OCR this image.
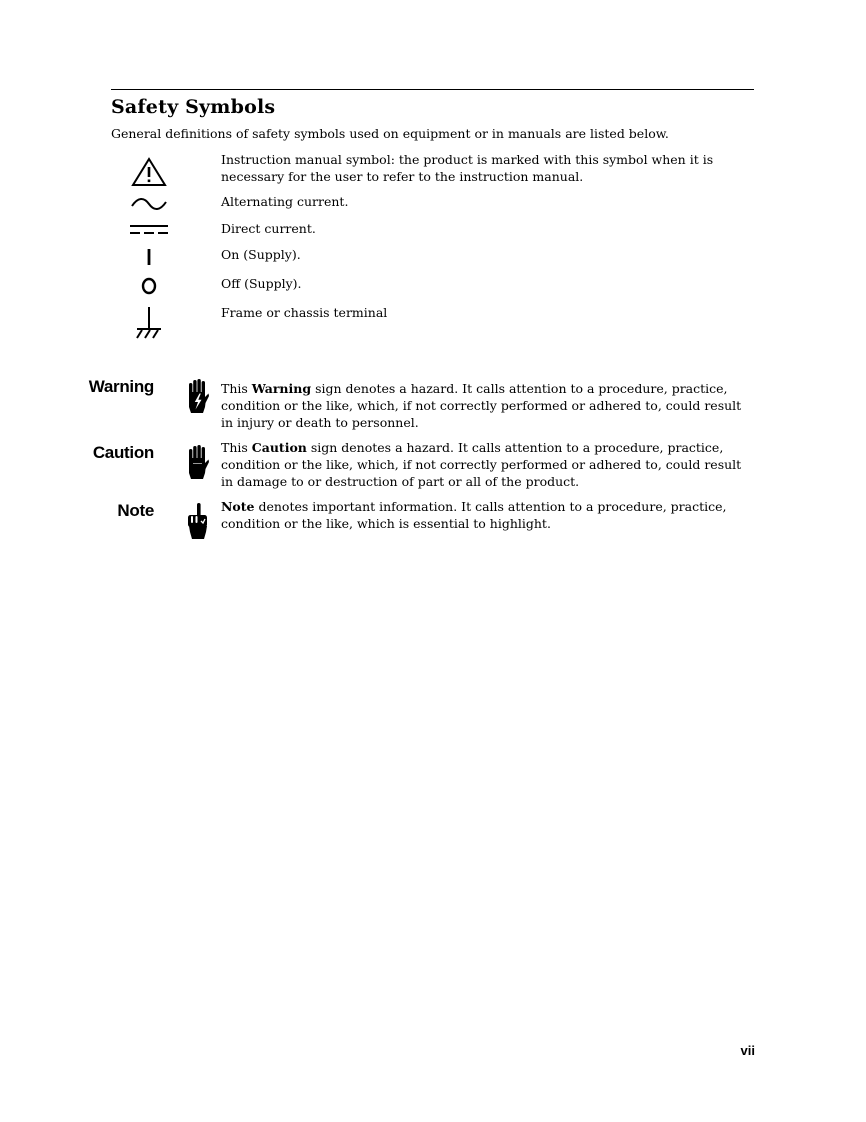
Safety Symbols
General definitions of safety symbols used on equipment or in manuals are listed below.
Instruction manual symbol: the product is marked with this symbol when it is necessary for the user to refer to the instruction manual.
Alternating current.
Direct current.
On (Supply).
Off (Supply).
Frame or chassis terminal
Warning	This Warning sign denotes a hazard. It calls attention to a procedure, practice, condition or the like, which, if not correctly performed or adhered to, could result in injury or death to personnel.
Caution	This Caution sign denotes a hazard. It calls attention to a procedure, practice, condition or the like, which, if not correctly performed or adhered to, could result in damage to or destruction of part or all of the product.
Note	Note denotes important information. It calls attention to a procedure, practice, condition or the like, which is essential to highlight.
vii
